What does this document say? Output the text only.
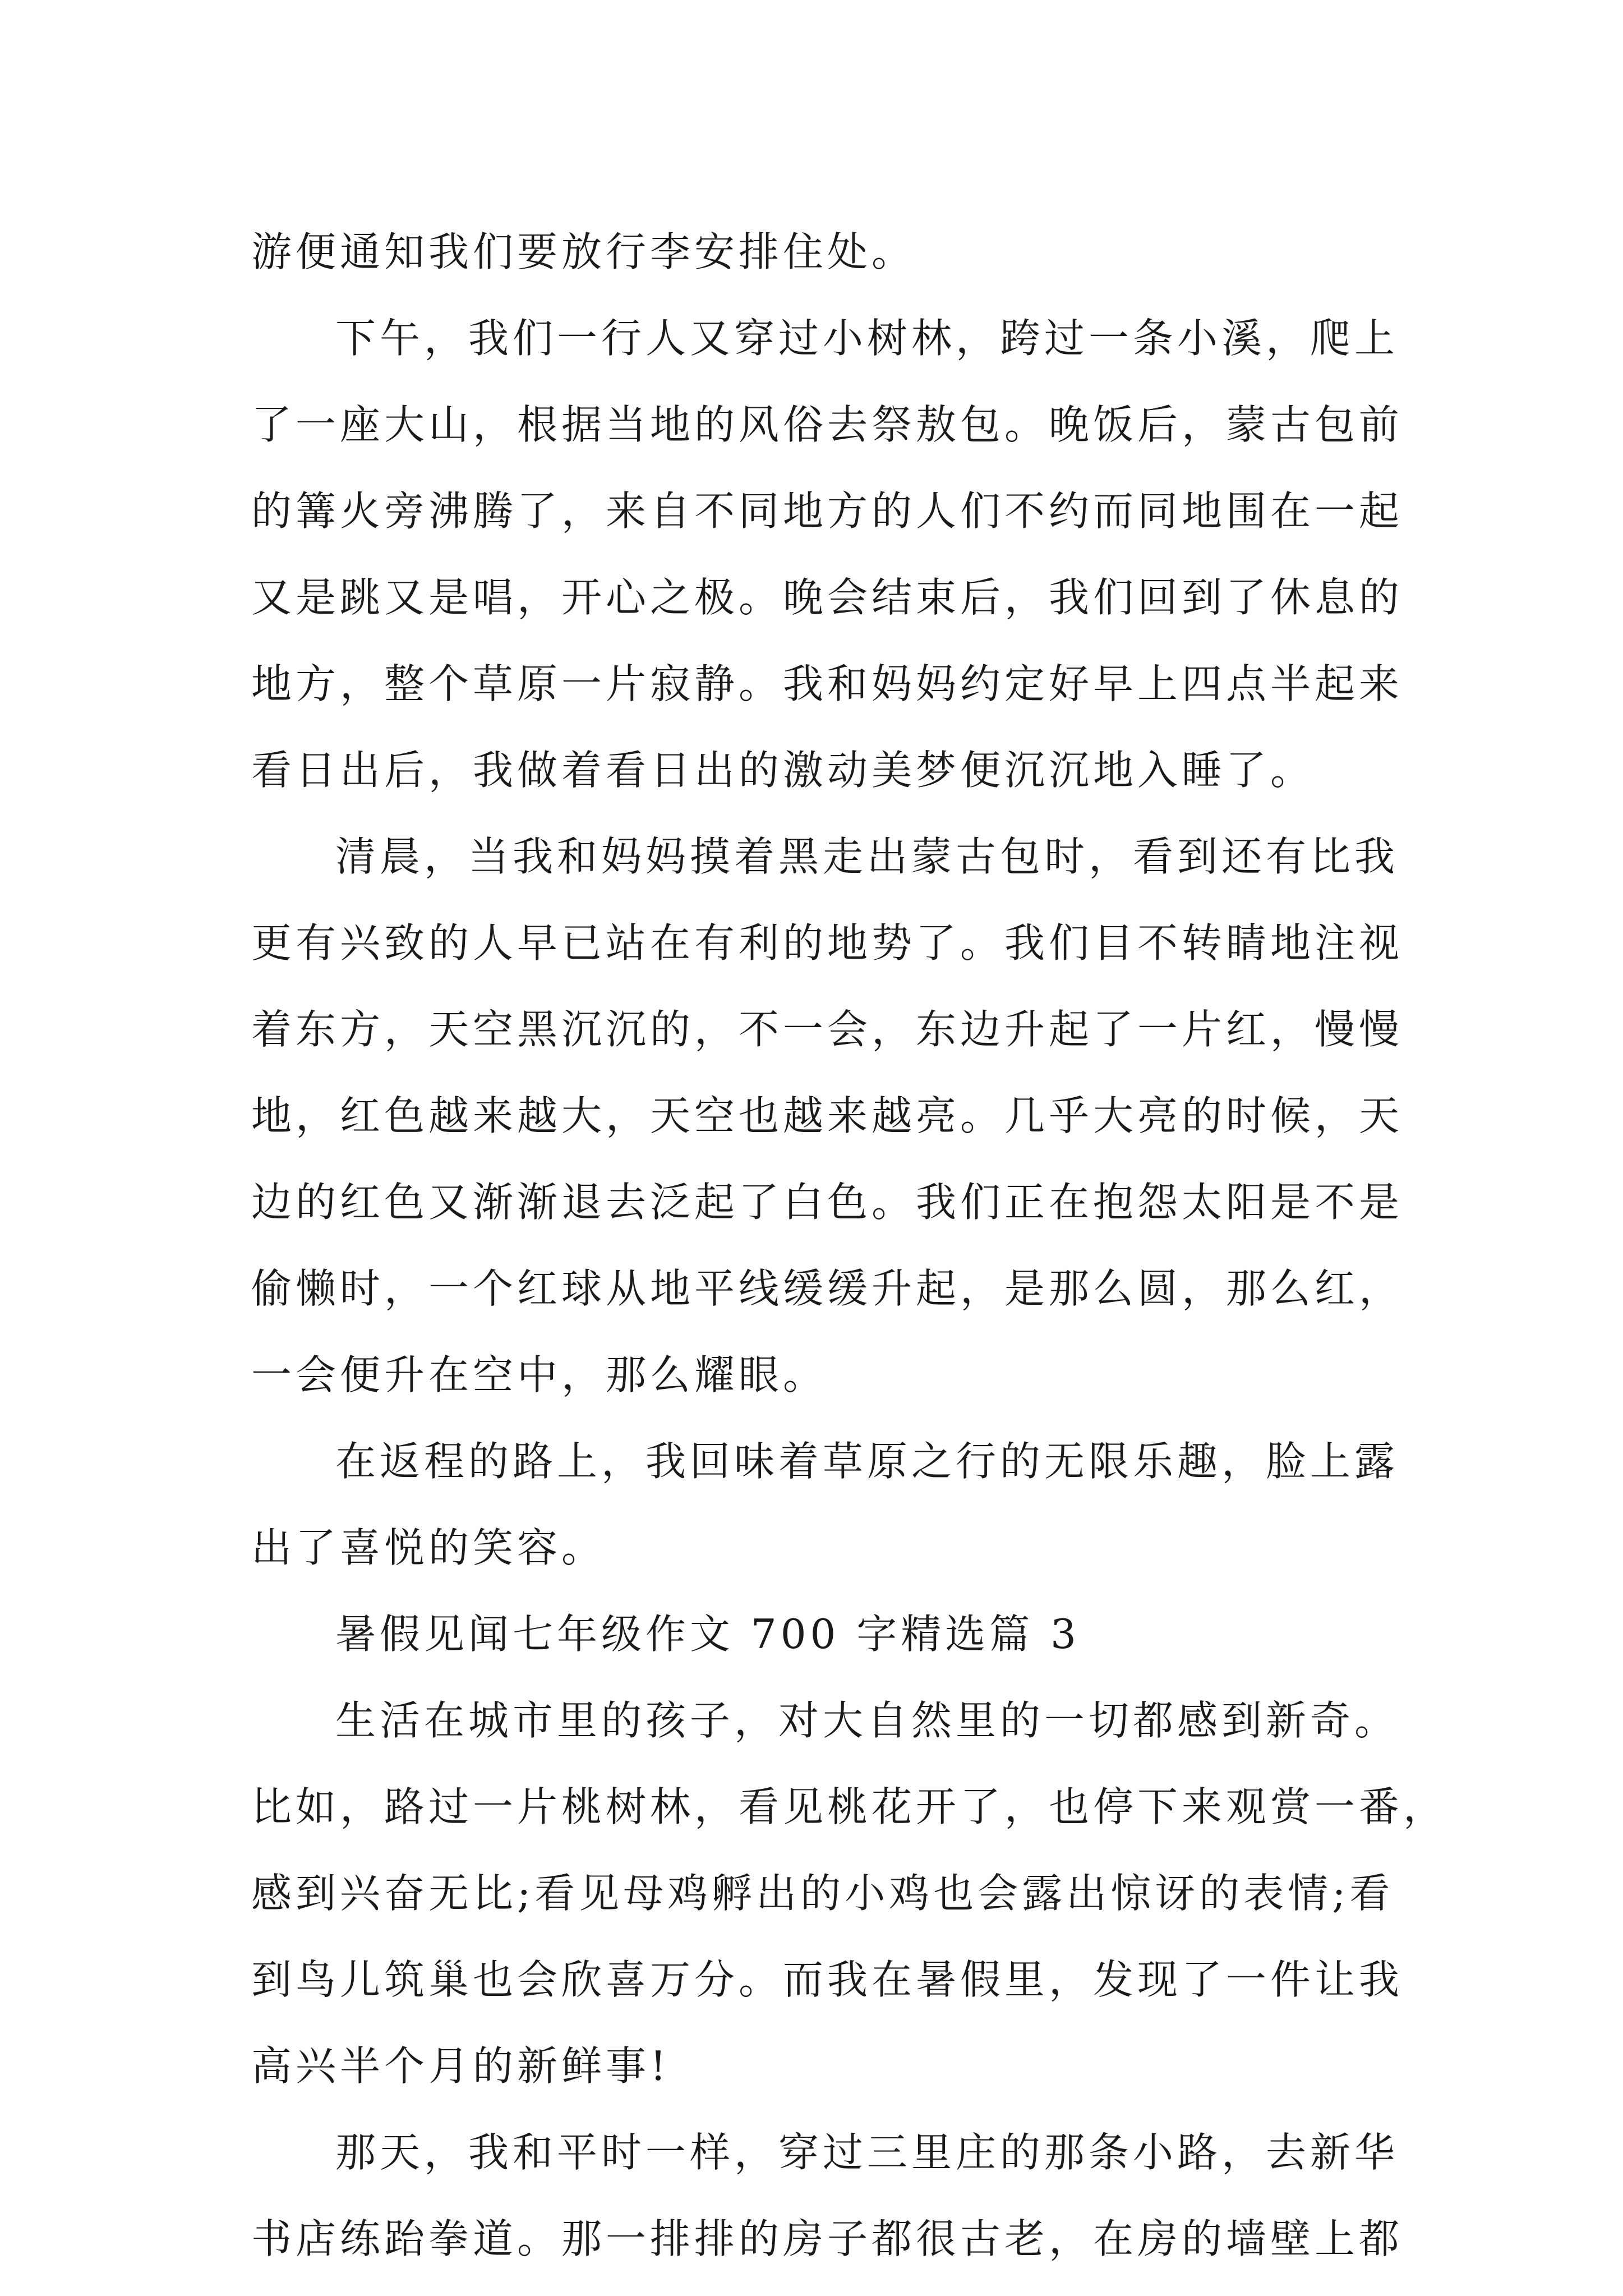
游便通知我们要放行李安排住处。
下午，我们一行人又穿过小树林，跨过一条小溪，爬上
了一座大山，根据当地的风俗去祭敖包。晚饭后，蒙古包前
的篝火旁沸腾了，来自不同地方的人们不约而同地围在一起
又是跳又是唱，开心之极。晚会结束后，我们回到了休息的
地方，整个草原一片寂静。我和妈妈约定好早上四点半起来
看日出后，我做着看日出的激动美梦便沉沉地入睡了。
清晨，当我和妈妈摸着黑走出蒙古包时，看到还有比我
更有兴致的人早已站在有利的地势了。我们目不转睛地注视
着东方，天空黑沉沉的，不一会，东边升起了一片红，慢慢
地，红色越来越大，天空也越来越亮。几乎大亮的时候，天
边的红色又渐渐退去泛起了白色。我们正在抱怨太阳是不是
偷懒时，一个红球从地平线缓缓升起，是那么圆，那么红，
一会便升在空中，那么耀眼。
在返程的路上，我回味着草原之行的无限乐趣，脸上露
出了喜悦的笑容。
暑假见闻七年级作文 700 字精选篇 3
生活在城市里的孩子，对大自然里的一切都感到新奇。
比如，路过一片桃树林，看见桃花开了，也停下来观赏一番，
感到兴奋无比;看见母鸡孵出的小鸡也会露出惊讶的表情;看
到鸟儿筑巢也会欣喜万分。而我在暑假里，发现了一件让我
高兴半个月的新鲜事!
那天，我和平时一样，穿过三里庄的那条小路，去新华
书店练跆拳道。那一排排的房子都很古老，在房的墙壁上都
